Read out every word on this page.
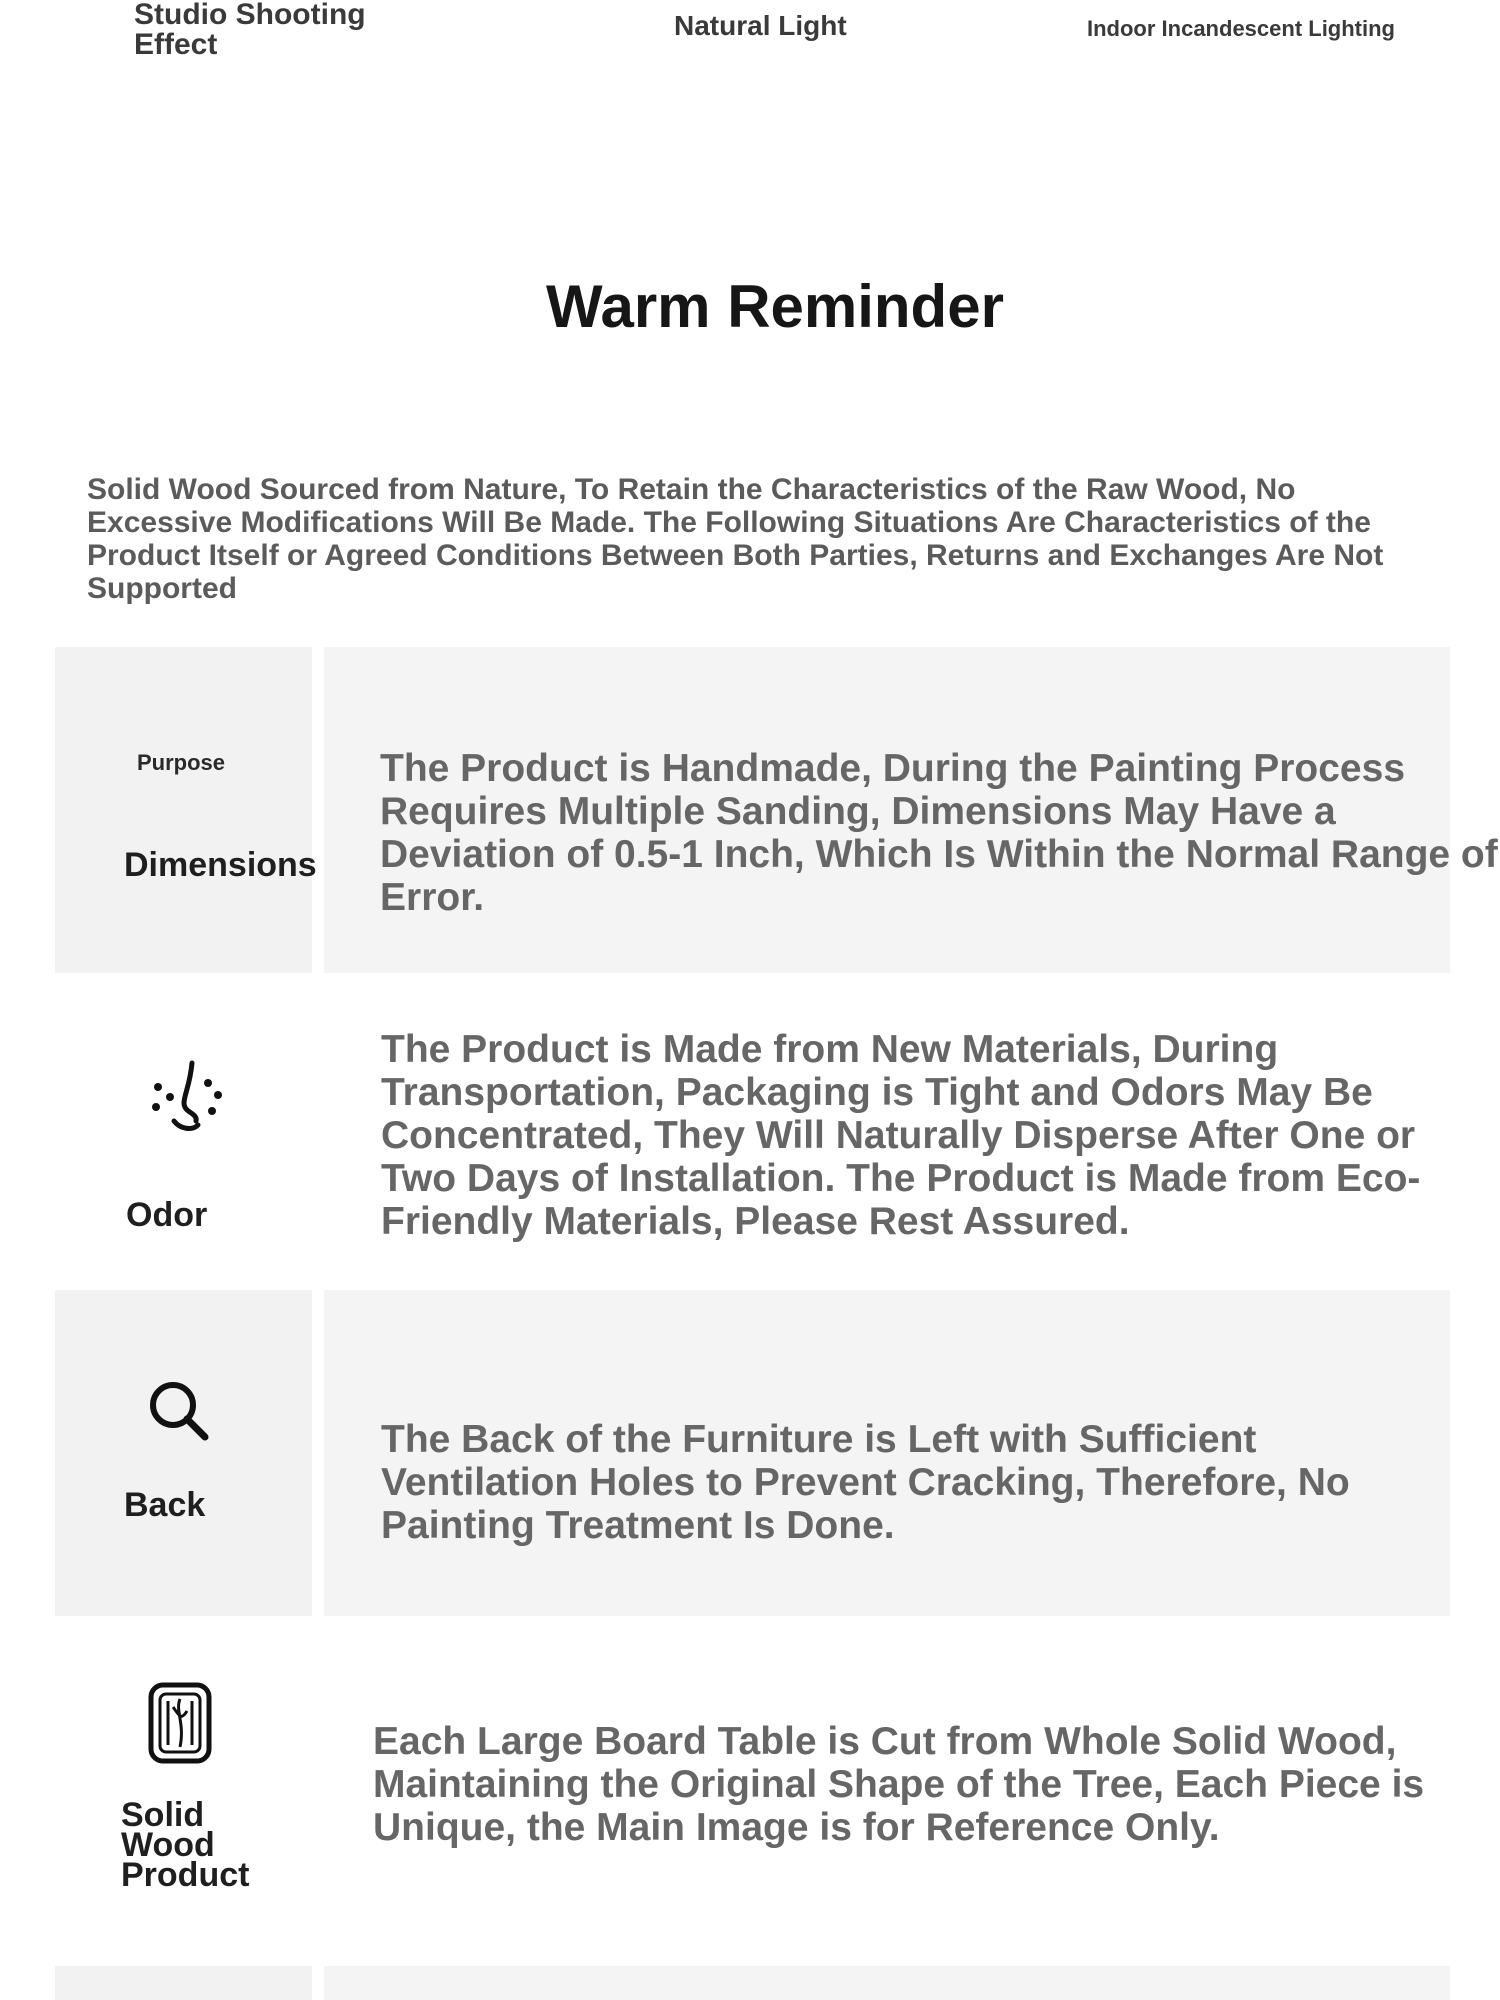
Studio Shooting Effect
Natural Light	Indoor Incandescent Lighting
Warm Reminder
Solid Wood Sourced from Nature, To Retain the Characteristics of the Raw Wood, No Excessive Modifications Will Be Made. The Following Situations Are Characteristics of the Product Itself or Agreed Conditions Between Both Parties, Returns and Exchanges Are Not Supported
Purpose
Dimensions
The Product is Handmade, During the Painting Process Requires Multiple Sanding, Dimensions May Have a Deviation of 0.5-1 Inch, Which Is Within the Normal Range of Error.
Odor
The Product is Made from New Materials, During Transportation, Packaging is Tight and Odors May Be Concentrated, They Will Naturally Disperse After One or Two Days of Installation. The Product is Made from Eco-Friendly Materials, Please Rest Assured.
Back
The Back of the Furniture is Left with Sufficient Ventilation Holes to Prevent Cracking, Therefore, No Painting Treatment Is Done.
Solid Wood Product
Each Large Board Table is Cut from Whole Solid Wood, Maintaining the Original Shape of the Tree, Each Piece is Unique, the Main Image is for Reference Only.
